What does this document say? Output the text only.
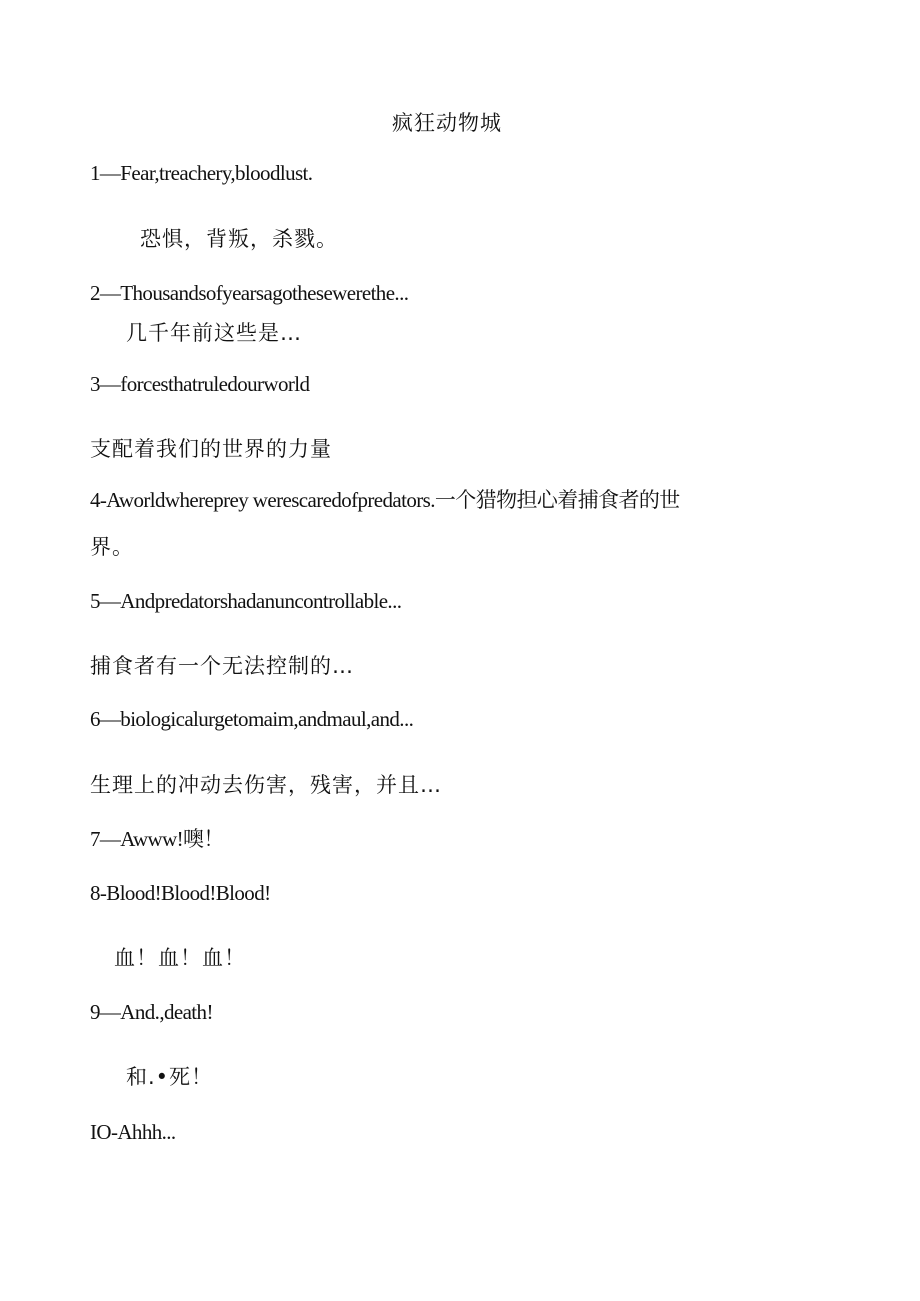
疯狂动物城
1—Fear,treachery,bloodlust.
恐惧，背叛，杀戮。
2—Thousandsofyearsagothesewerethe...
几千年前这些是…
3—forcesthatruledourworld
支配着我们的世界的力量
4-Aworldwhereprey werescaredofpredators.一个猎物担心着捕食者的世
界。
5—Andpredatorshadanuncontrollable...
捕食者有一个无法控制的…
6—biologicalurgetomaim,andmaul,and...
生理上的冲动去伤害，残害，并且…
7—Awww!噢！
8-Blood!Blood!Blood!
血！血！血！
9—And.,death!
和.•死！
IO-Ahhh...
